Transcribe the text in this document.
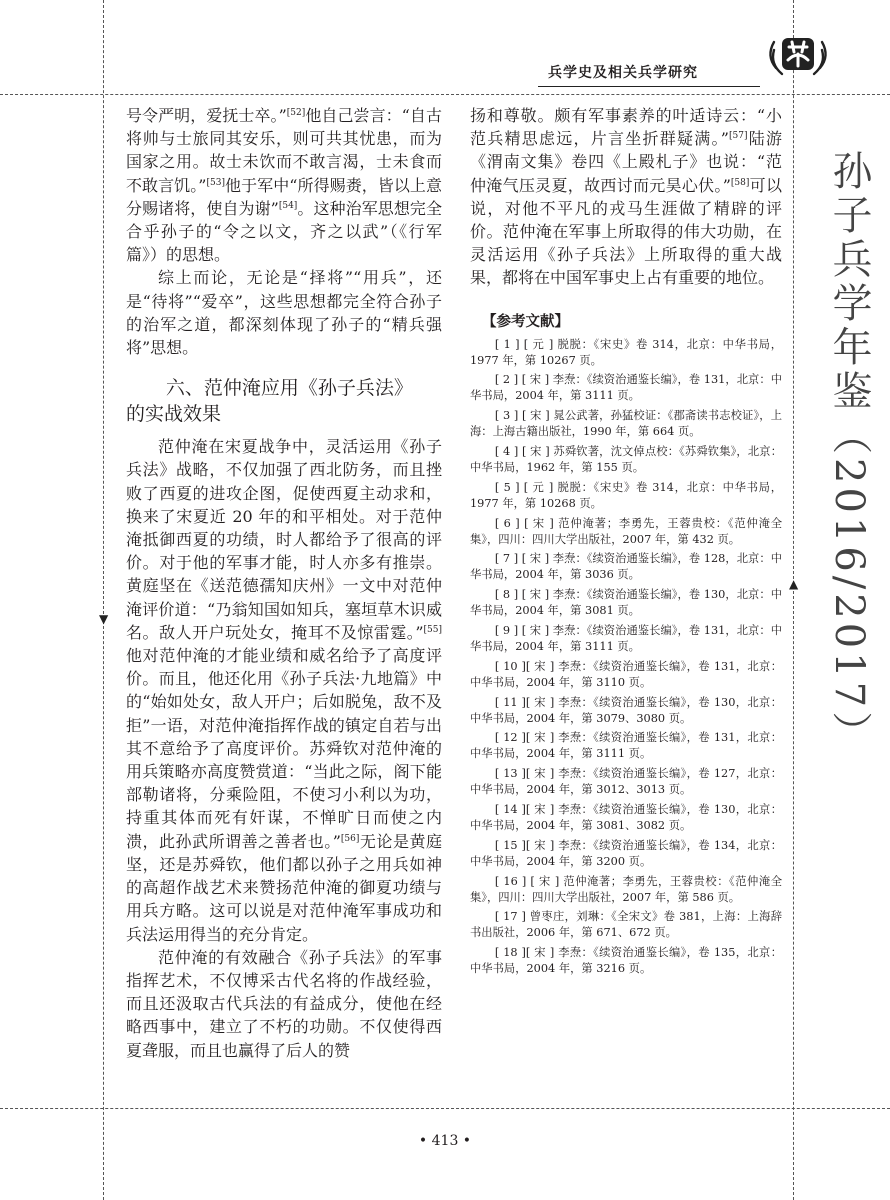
▼
▲
兵学史及相关兵学研究
孙子兵学年鉴（2016/2017）

号令严明，爱抚士卒。”[52]他自己尝言：“自古将帅与士旅同其安乐，则可共其忧患，而为国家之用。故士未饮而不敢言渴，士未食而不敢言饥。”[53]他于军中“所得赐赉，皆以上意分赐诸将，使自为谢”[54]。这种治军思想完全合乎孙子的“令之以文，齐之以武”（《行军篇》）的思想。

综上而论，无论是“择将”“用兵”，还是“待将”“爱卒”，这些思想都完全符合孙子的治军之道，都深刻体现了孙子的“精兵强将”思想。

六、范仲淹应用《孙子兵法》
的实战效果

范仲淹在宋夏战争中，灵活运用《孙子兵法》战略，不仅加强了西北防务，而且挫败了西夏的进攻企图，促使西夏主动求和，换来了宋夏近 20 年的和平相处。对于范仲淹抵御西夏的功绩，时人都给予了很高的评价。对于他的军事才能，时人亦多有推崇。黄庭坚在《送范德孺知庆州》一文中对范仲淹评价道：“乃翁知国如知兵，塞垣草木识威名。敌人开户玩处女，掩耳不及惊雷霆。”[55]他对范仲淹的才能业绩和威名给予了高度评价。而且，他还化用《孙子兵法·九地篇》中的“始如处女，敌人开户；后如脱兔，敌不及拒”一语，对范仲淹指挥作战的镇定自若与出其不意给予了高度评价。苏舜钦对范仲淹的用兵策略亦高度赞赏道：“当此之际，阁下能部勒诸将，分乘险阻，不使习小利以为功，持重其体而死有奸谋，不惮旷日而使之内溃，此孙武所谓善之善者也。”[56]无论是黄庭坚，还是苏舜钦，他们都以孙子之用兵如神的高超作战艺术来赞扬范仲淹的御夏功绩与用兵方略。这可以说是对范仲淹军事成功和兵法运用得当的充分肯定。

范仲淹的有效融合《孙子兵法》的军事指挥艺术，不仅博采古代名将的作战经验，而且还汲取古代兵法的有益成分，使他在经略西事中，建立了不朽的功勋。不仅使得西夏聋服，而且也赢得了后人的赞

扬和尊敬。颇有军事素养的叶适诗云：“小范兵精思虑远，片言坐折群疑满。”[57]陆游《渭南文集》卷四《上殿札子》也说：“范仲淹气压灵夏，故西讨而元昊心伏。”[58]可以说，对他不平凡的戎马生涯做了精辟的评价。范仲淹在军事上所取得的伟大功勋，在灵活运用《孙子兵法》上所取得的重大战果，都将在中国军事史上占有重要的地位。

【参考文献】

[ 1 ] [ 元 ] 脱脱：《宋史》卷 314，北京：中华书局，1977 年，第 10267 页。

[ 2 ] [ 宋 ] 李焘：《续资治通鉴长编》，卷 131，北京：中华书局，2004 年，第 3111 页。

[ 3 ] [ 宋 ] 晁公武著，孙猛校证：《郡斋读书志校证》，上海：上海古籍出版社，1990 年，第 664 页。

[ 4 ] [ 宋 ] 苏舜钦著，沈文倬点校：《苏舜钦集》，北京：中华书局，1962 年，第 155 页。

[ 5 ] [ 元 ] 脱脱：《宋史》卷 314，北京：中华书局，1977 年，第 10268 页。

[ 6 ] [ 宋 ] 范仲淹著；李勇先，王蓉贵校：《范仲淹全集》，四川：四川大学出版社，2007 年，第 432 页。

[ 7 ] [ 宋 ] 李焘：《续资治通鉴长编》，卷 128，北京：中华书局，2004 年，第 3036 页。

[ 8 ] [ 宋 ] 李焘：《续资治通鉴长编》，卷 130，北京：中华书局，2004 年，第 3081 页。

[ 9 ] [ 宋 ] 李焘：《续资治通鉴长编》，卷 131，北京：中华书局，2004 年，第 3111 页。

[ 10 ][ 宋 ] 李焘：《续资治通鉴长编》，卷 131，北京：中华书局，2004 年，第 3110 页。

[ 11 ][ 宋 ] 李焘：《续资治通鉴长编》，卷 130，北京：中华书局，2004 年，第 3079、3080 页。

[ 12 ][ 宋 ] 李焘：《续资治通鉴长编》，卷 131，北京：中华书局，2004 年，第 3111 页。

[ 13 ][ 宋 ] 李焘：《续资治通鉴长编》，卷 127，北京：中华书局，2004 年，第 3012、3013 页。

[ 14 ][ 宋 ] 李焘：《续资治通鉴长编》，卷 130，北京：中华书局，2004 年，第 3081、3082 页。

[ 15 ][ 宋 ] 李焘：《续资治通鉴长编》，卷 134，北京：中华书局，2004 年，第 3200 页。

[ 16 ] [ 宋 ] 范仲淹著；李勇先，王蓉贵校：《范仲淹全集》，四川：四川大学出版社，2007 年，第 586 页。

[ 17 ] 曾枣庄，刘琳：《全宋文》卷 381，上海：上海辞书出版社，2006 年，第 671、672 页。

[ 18 ][ 宋 ] 李焘：《续资治通鉴长编》，卷 135，北京：中华书局，2004 年，第 3216 页。

• 413 •
